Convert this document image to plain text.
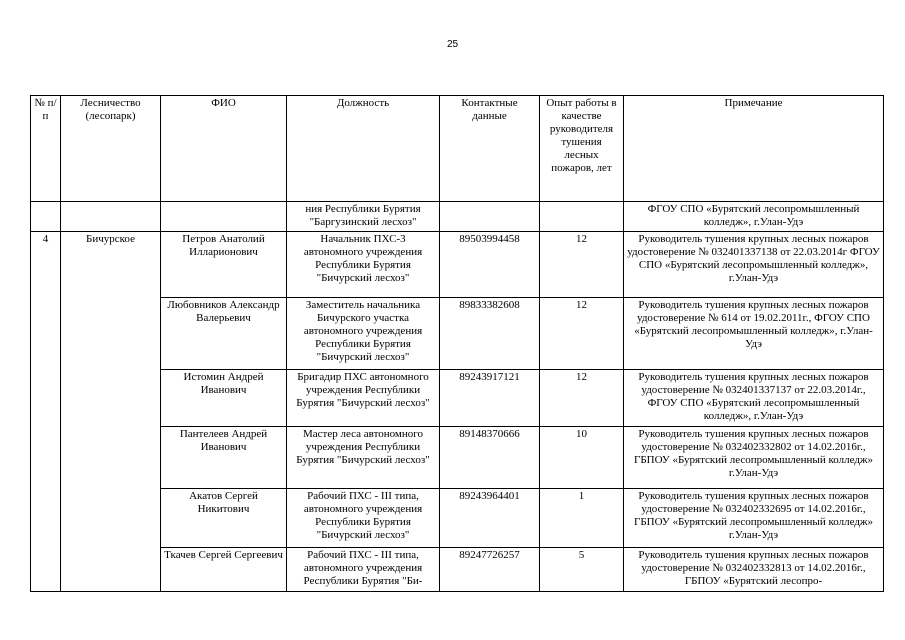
25
№ п/п	Лесничество (лесопарк)	ФИО	Должность	Контактные данные	Опыт работы в качестве руководителя тушения лесных пожаров, лет	Примечание
			ния Республики Бурятия "Баргузинский лесхоз"			ФГОУ СПО «Бурятский лесопромышленный колледж», г.Улан-Удэ
4	Бичурское	Петров Анатолий Илларионович	Начальник ПХС-3 автономного учреждения Республики Бурятия "Бичурский лесхоз"	89503994458	12	Руководитель тушения крупных лесных пожаров удостоверение № 032401337138 от 22.03.2014г ФГОУ СПО «Бурятский лесопромышленный колледж», г.Улан-Удэ
		Любовников Александр Валерьевич	Заместитель начальника Бичурского участка автономного учреждения Республики Бурятия "Бичурский лесхоз"	89833382608	12	Руководитель тушения крупных лесных пожаров удостоверение № 614 от 19.02.2011г., ФГОУ СПО «Бурятский лесопромышленный колледж», г.Улан-Удэ
		Истомин Андрей Иванович	Бригадир ПХС автономного учреждения Республики Бурятия "Бичурский лесхоз"	89243917121	12	Руководитель тушения крупных лесных пожаров удостоверение № 032401337137 от 22.03.2014г., ФГОУ СПО «Бурятский лесопромышленный колледж», г.Улан-Удэ
		Пантелеев Андрей Иванович	Мастер леса автономного учреждения Республики Бурятия "Бичурский лесхоз"	89148370666	10	Руководитель тушения крупных лесных пожаров удостоверение № 032402332802 от 14.02.2016г., ГБПОУ «Бурятский лесопромышленный колледж» г.Улан-Удэ
		Акатов Сергей Никитович	Рабочий ПХС - III типа, автономного учреждения Республики Бурятия "Бичурский лесхоз"	89243964401	1	Руководитель тушения крупных лесных пожаров удостоверение № 032402332695 от 14.02.2016г., ГБПОУ «Бурятский лесопромышленный колледж» г.Улан-Удэ
		Ткачев Сергей Сергеевич	Рабочий ПХС - III типа, автономного учреждения Республики Бурятия "Би-	89247726257	5	Руководитель тушения крупных лесных пожаров удостоверение № 032402332813 от 14.02.2016г., ГБПОУ «Бурятский лесопро-
